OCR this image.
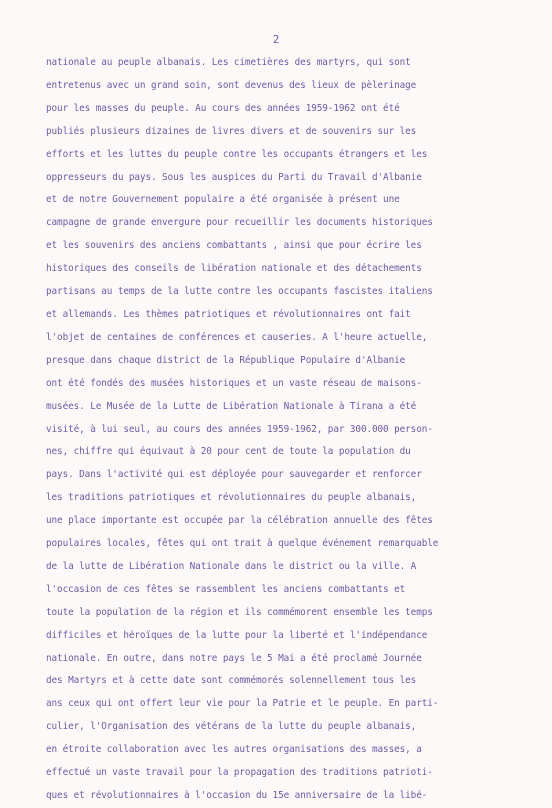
2
nationale au peuple albanais. Les cimetières des martyrs, qui sont
entretenus avec un grand soin, sont devenus des lieux de pèlerinage
pour les masses du peuple. Au cours des années 1959-1962 ont été
publiés plusieurs dizaines de livres divers et de souvenirs sur les
efforts et les luttes du peuple contre les occupants étrangers et les
oppresseurs du pays. Sous les auspices du Parti du Travail d'Albanie
et de notre Gouvernement populaire a été organisée à présent une
campagne de grande envergure pour recueillir les documents historiques
et les souvenirs des anciens combattants , ainsi que pour écrire les
historiques des conseils de libération nationale et des détachements
partisans au temps de la lutte contre les occupants fascistes italiens
et allemands. Les thèmes patriotiques et révolutionnaires ont fait
l'objet de centaines de conférences et causeries. A l'heure actuelle,
presque dans chaque district de la République Populaire d'Albanie
ont été fondés des musées historiques et un vaste réseau de maisons-
musées. Le Musée de la Lutte de Libération Nationale à Tirana a été
visité, à lui seul, au cours des années 1959-1962, par 300.000 person-
nes, chiffre qui équivaut à 20 pour cent de toute la population du
pays. Dans l'activité qui est déployée pour sauvegarder et renforcer
les traditions patriotiques et révolutionnaires du peuple albanais,
une place importante est occupée par la célébration annuelle des fêtes
populaires locales, fêtes qui ont trait à quelque événement remarquable
de la lutte de Libération Nationale dans le district ou la ville. A
l'occasion de ces fêtes se rassemblent les anciens combattants et
toute la population de la région et ils commémorent ensemble les temps
difficiles et héroïques de la lutte pour la liberté et l'indépendance
nationale. En outre, dans notre pays le 5 Mai a été proclamé Journée
des Martyrs et à cette date sont commémorés solennellement tous les
ans ceux qui ont offert leur vie pour la Patrie et le peuple. En parti-
culier, l'Organisation des vétérans de la lutte du peuple albanais,
en étroite collaboration avec les autres organisations des masses, a
effectué un vaste travail pour la propagation des traditions patrioti-
ques et révolutionnaires à l'occasion du 15e anniversaire de la libé-
